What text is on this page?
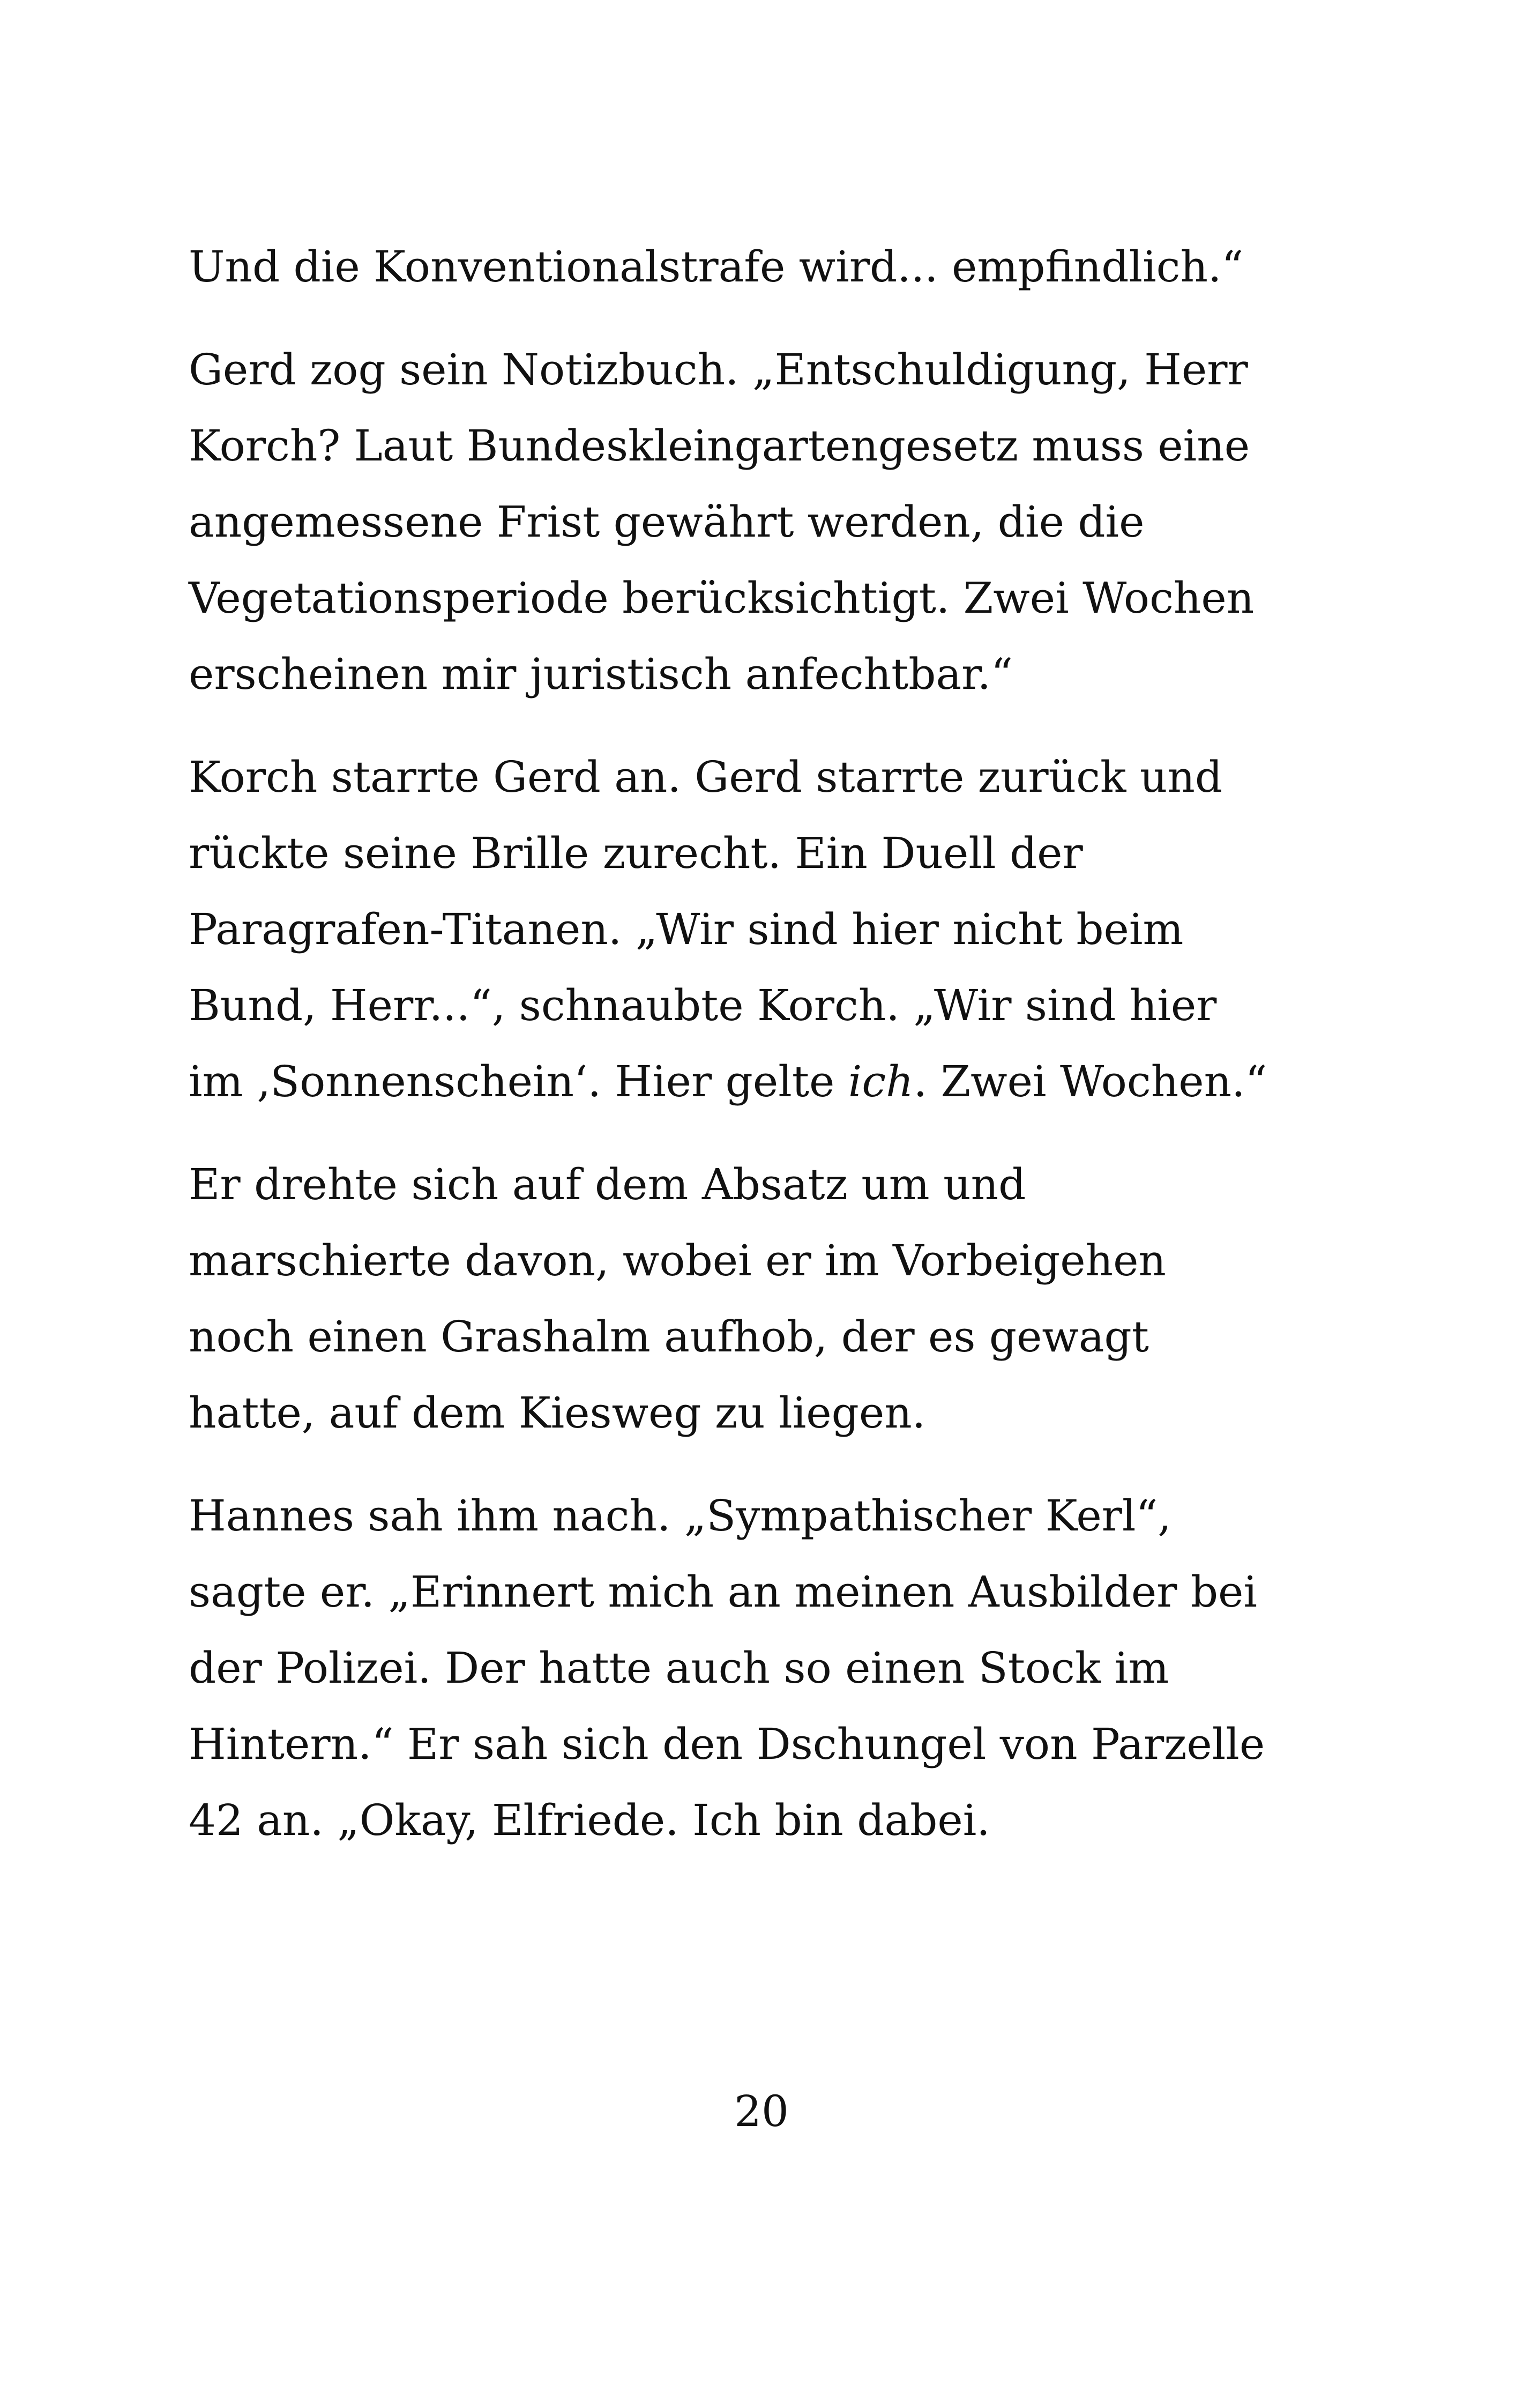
Und die Konventionalstrafe wird... empfindlich.“

Gerd zog sein Notizbuch. „Entschuldigung, Herr
Korch? Laut Bundeskleingartengesetz muss eine
angemessene Frist gewährt werden, die die
Vegetationsperiode berücksichtigt. Zwei Wochen
erscheinen mir juristisch anfechtbar.“

Korch starrte Gerd an. Gerd starrte zurück und
rückte seine Brille zurecht. Ein Duell der
Paragrafen-Titanen. „Wir sind hier nicht beim
Bund, Herr...“, schnaubte Korch. „Wir sind hier
im ‚Sonnenschein‘. Hier gelte ich. Zwei Wochen.“

Er drehte sich auf dem Absatz um und
marschierte davon, wobei er im Vorbeigehen
noch einen Grashalm aufhob, der es gewagt
hatte, auf dem Kiesweg zu liegen.

Hannes sah ihm nach. „Sympathischer Kerl“,
sagte er. „Erinnert mich an meinen Ausbilder bei
der Polizei. Der hatte auch so einen Stock im
Hintern.“ Er sah sich den Dschungel von Parzelle
42 an. „Okay, Elfriede. Ich bin dabei.

20
